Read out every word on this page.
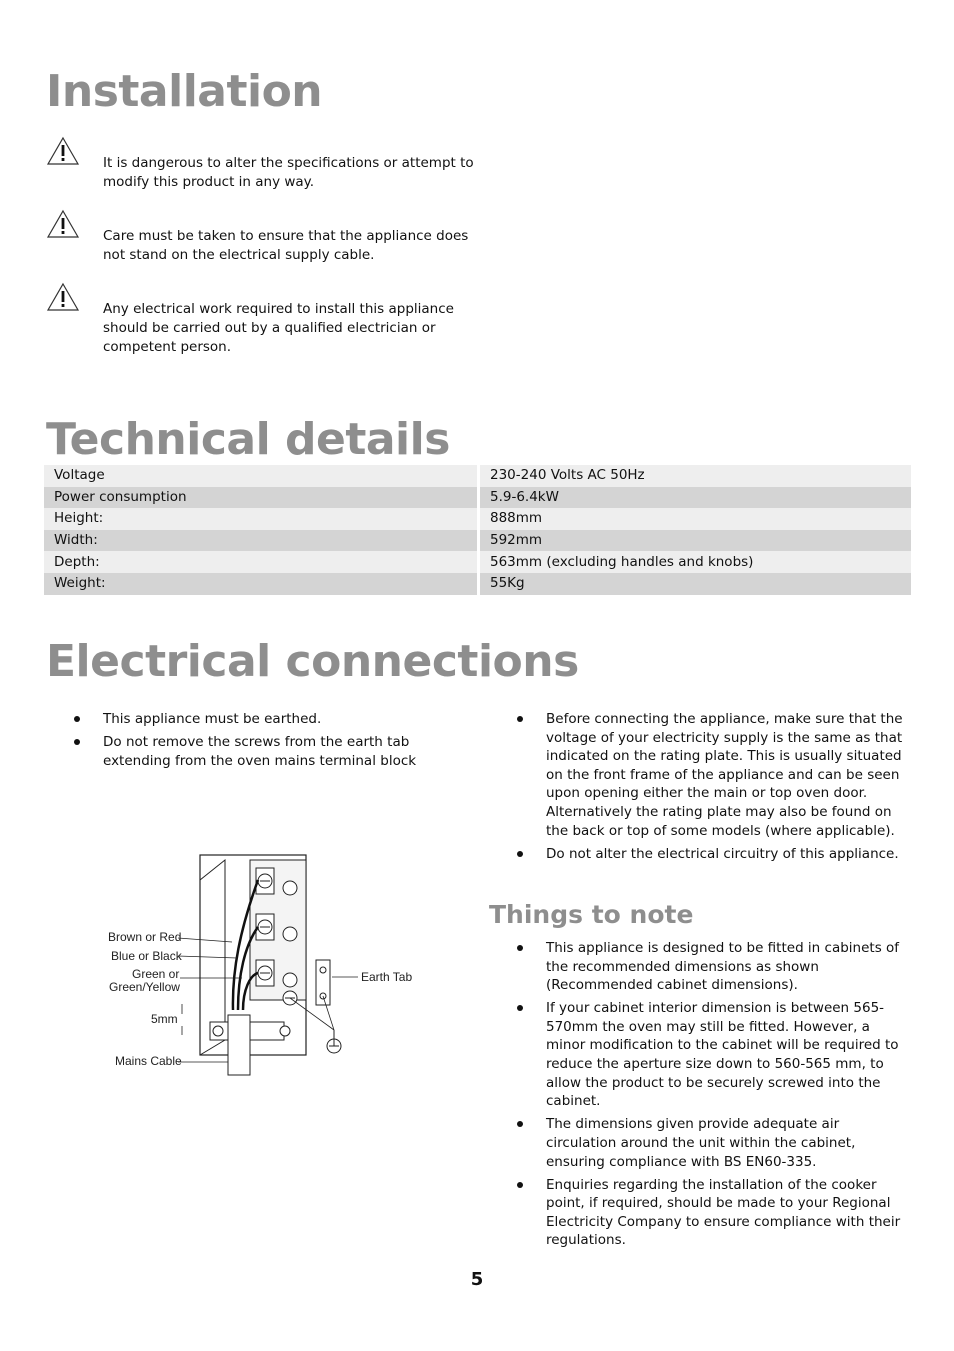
Installation
It is dangerous to alter the specifications or attempt to modify this product in any way.
Care must be taken to ensure that the appliance does not stand on the electrical supply cable.
Any electrical work required to install this appliance should be carried out by a qualified electrician or competent person.
Technical details
Voltage	230-240 Volts AC 50Hz
Power consumption	5.9-6.4kW
Height:	888mm
Width:	592mm
Depth:	563mm (excluding handles and knobs)
Weight:	55Kg
Electrical connections
This appliance must be earthed.
Do not remove the screws from the earth tab extending from the oven mains terminal block
Before connecting the appliance, make sure that the voltage of your electricity supply is the same as that indicated on the rating plate. This is usually situated on the front frame of the appliance and can be seen upon opening either the main or top oven door. Alternatively the rating plate may also be found on the back or top of some models (where applicable).
Do not alter the electrical circuitry of this appliance.
Brown or Red
Blue or Black
Green or
Green/Yellow
5mm
Mains Cable
Earth Tab
Things to note
This appliance is designed to be fitted in cabinets of the recommended dimensions as shown (Recommended cabinet dimensions).
If your cabinet interior dimension is between 565-570mm the oven may still be fitted. However, a minor modification to the cabinet will be required to reduce the aperture size down to 560-565 mm, to allow the product to be securely screwed into the cabinet.
The dimensions given provide adequate air circulation around the unit within the cabinet, ensuring compliance with BS EN60-335.
Enquiries regarding the installation of the cooker point, if required, should be made to your Regional Electricity Company to ensure compliance with their regulations.
5
